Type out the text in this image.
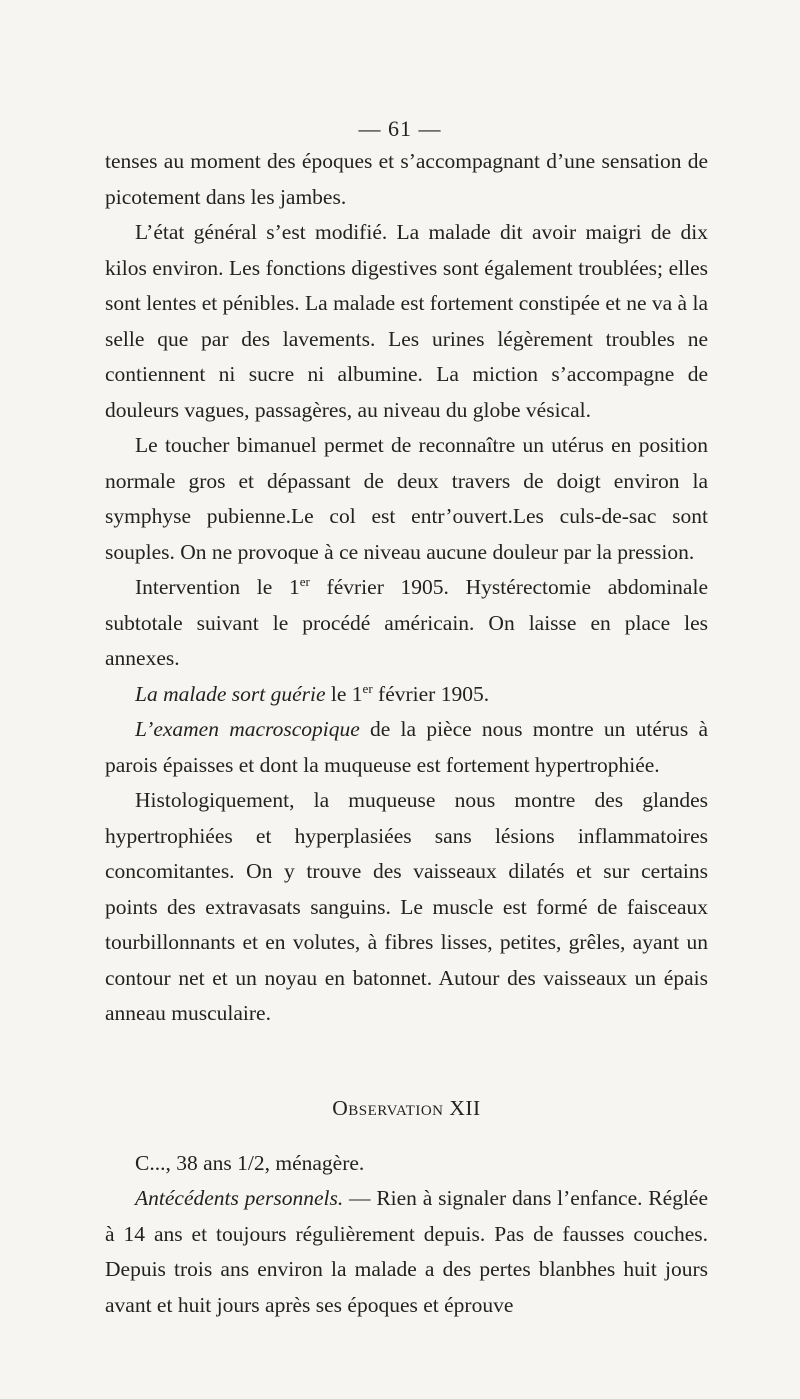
— 61 —

tenses au moment des époques et s’accompagnant d’une sensation de picotement dans les jambes.

L’état général s’est modifié. La malade dit avoir maigri de dix kilos environ. Les fonctions digestives sont également troublées; elles sont lentes et pénibles. La malade est fortement constipée et ne va à la selle que par des lavements. Les urines légèrement troubles ne contiennent ni sucre ni albumine. La miction s’accompagne de douleurs vagues, passagères, au niveau du globe vésical.

Le toucher bimanuel permet de reconnaître un utérus en position normale gros et dépassant de deux travers de doigt environ la symphyse pubienne.Le col est entr’ouvert.Les culs-de-sac sont souples. On ne provoque à ce niveau aucune douleur par la pression.

Intervention le 1er février 1905. Hystérectomie abdominale subtotale suivant le procédé américain. On laisse en place les annexes.

La malade sort guérie le 1er février 1905.

L’examen macroscopique de la pièce nous montre un utérus à parois épaisses et dont la muqueuse est fortement hypertrophiée.

Histologiquement, la muqueuse nous montre des glandes hypertrophiées et hyperplasiées sans lésions inflammatoires concomitantes. On y trouve des vaisseaux dilatés et sur certains points des extravasats sanguins. Le muscle est formé de faisceaux tourbillonnants et en volutes, à fibres lisses, petites, grêles, ayant un contour net et un noyau en batonnet. Autour des vaisseaux un épais anneau musculaire.

Observation XII

C..., 38 ans 1/2, ménagère.

Antécédents personnels. — Rien à signaler dans l’enfance. Réglée à 14 ans et toujours régulièrement depuis. Pas de fausses couches. Depuis trois ans environ la malade a des pertes blanbhes huit jours avant et huit jours après ses époques et éprouve
